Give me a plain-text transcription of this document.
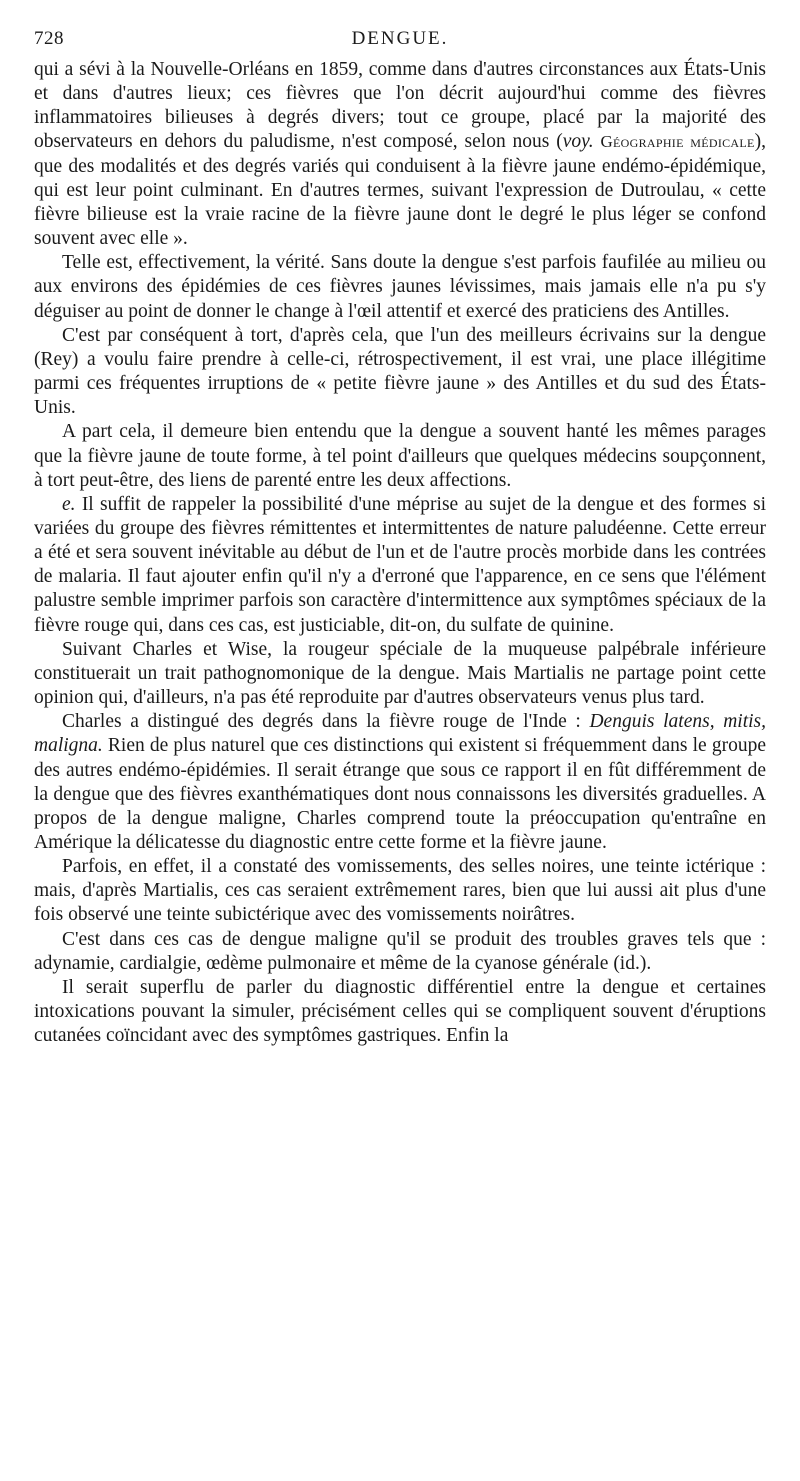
728	DENGUE.

qui a sévi à la Nouvelle-Orléans en 1859, comme dans d'autres circonstances aux États-Unis et dans d'autres lieux; ces fièvres que l'on décrit aujourd'hui comme des fièvres inflammatoires bilieuses à degrés divers; tout ce groupe, placé par la majorité des observateurs en dehors du paludisme, n'est composé, selon nous (voy. Géographie médicale), que des modalités et des degrés variés qui conduisent à la fièvre jaune endémo-épidémique, qui est leur point culminant. En d'autres termes, suivant l'expression de Dutroulau, « cette fièvre bilieuse est la vraie racine de la fièvre jaune dont le degré le plus léger se confond souvent avec elle ».

Telle est, effectivement, la vérité. Sans doute la dengue s'est parfois faufilée au milieu ou aux environs des épidémies de ces fièvres jaunes lévissimes, mais jamais elle n'a pu s'y déguiser au point de donner le change à l'œil attentif et exercé des praticiens des Antilles.

C'est par conséquent à tort, d'après cela, que l'un des meilleurs écrivains sur la dengue (Rey) a voulu faire prendre à celle-ci, rétrospectivement, il est vrai, une place illégitime parmi ces fréquentes irruptions de « petite fièvre jaune » des Antilles et du sud des États-Unis.

A part cela, il demeure bien entendu que la dengue a souvent hanté les mêmes parages que la fièvre jaune de toute forme, à tel point d'ailleurs que quelques médecins soupçonnent, à tort peut-être, des liens de parenté entre les deux affections.

e. Il suffit de rappeler la possibilité d'une méprise au sujet de la dengue et des formes si variées du groupe des fièvres rémittentes et intermittentes de nature paludéenne. Cette erreur a été et sera souvent inévitable au début de l'un et de l'autre procès morbide dans les contrées de malaria. Il faut ajouter enfin qu'il n'y a d'erroné que l'apparence, en ce sens que l'élément palustre semble imprimer parfois son caractère d'intermittence aux symptômes spéciaux de la fièvre rouge qui, dans ces cas, est justiciable, dit-on, du sulfate de quinine.

Suivant Charles et Wise, la rougeur spéciale de la muqueuse palpébrale inférieure constituerait un trait pathognomonique de la dengue. Mais Martialis ne partage point cette opinion qui, d'ailleurs, n'a pas été reproduite par d'autres observateurs venus plus tard.

Charles a distingué des degrés dans la fièvre rouge de l'Inde : Denguis latens, mitis, maligna. Rien de plus naturel que ces distinctions qui existent si fréquemment dans le groupe des autres endémo-épidémies. Il serait étrange que sous ce rapport il en fût différemment de la dengue que des fièvres exanthématiques dont nous connaissons les diversités graduelles. A propos de la dengue maligne, Charles comprend toute la préoccupation qu'entraîne en Amérique la délicatesse du diagnostic entre cette forme et la fièvre jaune.

Parfois, en effet, il a constaté des vomissements, des selles noires, une teinte ictérique : mais, d'après Martialis, ces cas seraient extrêmement rares, bien que lui aussi ait plus d'une fois observé une teinte subictérique avec des vomissements noirâtres.

C'est dans ces cas de dengue maligne qu'il se produit des troubles graves tels que : adynamie, cardialgie, œdème pulmonaire et même de la cyanose générale (id.).

Il serait superflu de parler du diagnostic différentiel entre la dengue et certaines intoxications pouvant la simuler, précisément celles qui se compliquent souvent d'éruptions cutanées coïncidant avec des symptômes gastriques. Enfin la
